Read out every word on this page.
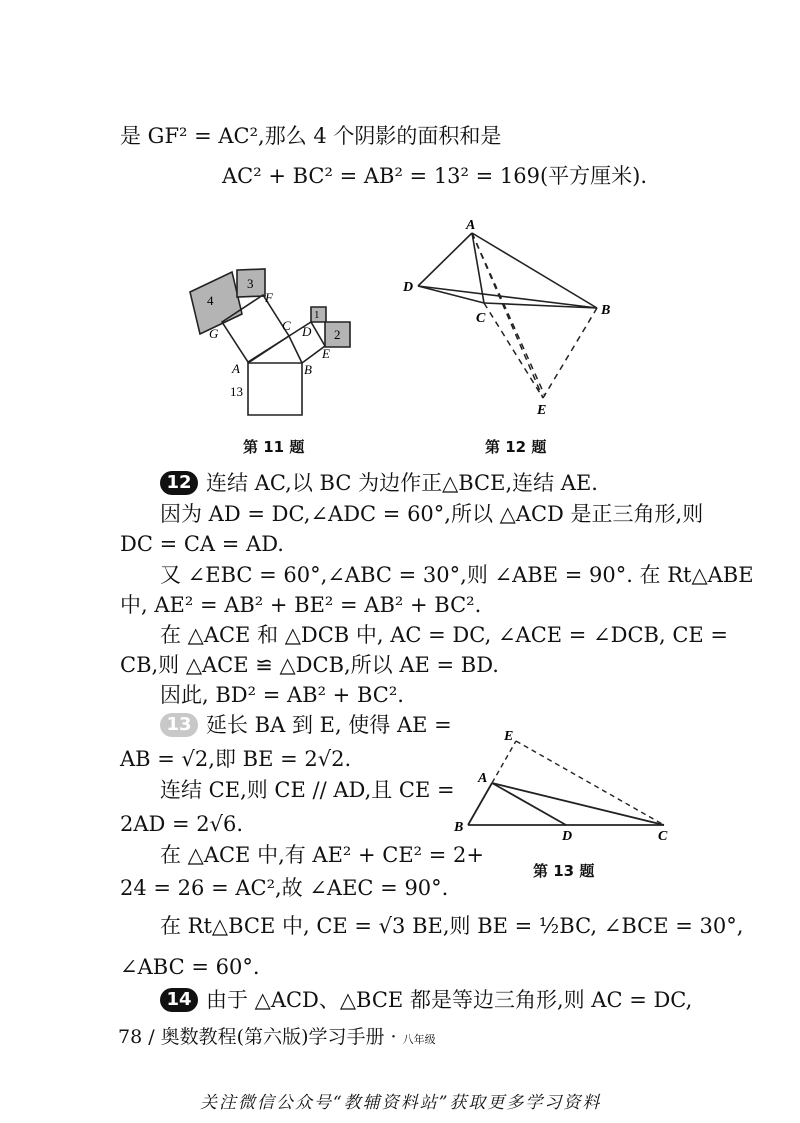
是 GF² = AC²,那么 4 个阴影的面积和是
AC² + BC² = AB² = 13² = 169(平方厘米).
4
3
1
2
13
A	B
C D
E
F
G
A
B
C
D
E
第 11 题	第 12 题
12 连结 AC,以 BC 为边作正△BCE,连结 AE.
因为 AD = DC,∠ADC = 60°,所以 △ACD 是正三角形,则
DC = CA = AD.
又 ∠EBC = 60°,∠ABC = 30°,则 ∠ABE = 90°. 在 Rt△ABE
中, AE² = AB² + BE² = AB² + BC².
在 △ACE 和 △DCB 中, AC = DC, ∠ACE = ∠DCB, CE =
CB,则 △ACE ≌ △DCB,所以 AE = BD.
因此, BD² = AB² + BC².
13 延长 BA 到 E, 使得 AE =
AB = √2,即 BE = 2√2.
连结 CE,则 CE // AD,且 CE =
2AD = 2√6.
在 △ACE 中,有 AE² + CE² = 2+
24 = 26 = AC²,故 ∠AEC = 90°.
A
B
C
D
E
第 13 题
在 Rt△BCE 中, CE = √3 BE,则 BE = ½BC, ∠BCE = 30°,
∠ABC = 60°.
14 由于 △ACD、△BCE 都是等边三角形,则 AC = DC,
78 / 奥数教程(第六版)学习手册 · 八年级
关注微信公众号“教辅资料站”获取更多学习资料
